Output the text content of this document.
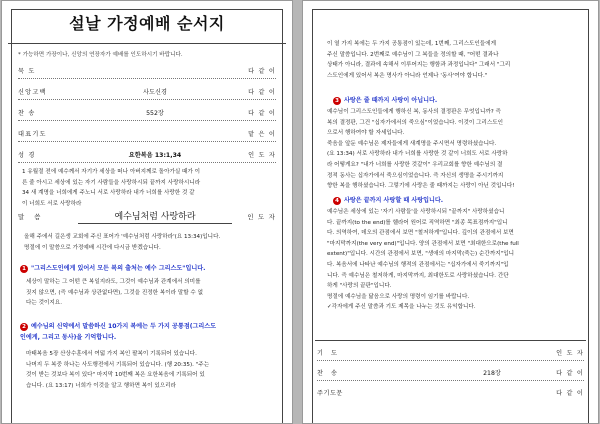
설날 가정예배 순서지
* 가능하면 가장이나, 신앙의 연장자가 예배를 인도하시기 바랍니다.
묵 도	다 같 이
신앙고백	사도신경	다 같 이
찬 송	552장	다 같 이
대표기도	맡 은 이
성 경	요한복음 13:1,34	인 도 자
1 유월절 전에 예수께서 자기가 세상을 떠나 아버지께로 돌아가실 때가 이
른 줄 아시고 세상에 있는 자기 사람들을 사랑하시되 끝까지 사랑하시니라
34 새 계명을 너희에게 주노니 서로 사랑하라 내가 너희를 사랑한 것 같
이 너희도 서로 사랑하라
말 씀	예수님처럼 사랑하라	인 도 자
올해 주에서 길은생 교회에 주신 표어가 '예수님처럼 사랑하라'(요 13:34)입니다.
명절에 이 말씀으로 가정예배 시간에 다시금 받겠습니다.
1 "그리스도인에게 있어서 모든 복의 출처는 예수 그리스도"입니다.
세상이 말하는 그 어떤 큰 복일지라도, 그것이 예수님과 관계에서 의미를
짓지 않으면, (즉 예수님과 상관없다면), 그것을 진정한 복이라 말할 수 없
다는 것이지요.
2 예수님의 신약에서 말씀하신 10가지 복에는 두 가지 공통점(그리스도
인에게, 그리고 동사)을 기억합니다.
마태복음 5장 산상수훈에서 여덟 가지 복인 팔복이 기록되어 있습니다.
나머지 두 복중 하나는 사도행전에서 기록되어 있습니다. (행 20:35). "주는
것이 받는 것보다 복이 있다" 마지막 10번째 복은 요한복음에 기록되어 있
습니다. (요 13:17) 너희가 이것을 알고 행하면 복이 있으리라
이 열 가지 복에는 두 가지 공통점이 있는데, 1번째, 그리스도인들에게
주신 말씀입니다. 2번째로 예수님이 그 복들을 정의할 때, "어떤 결과나
상태가 아니라, 결과에 속해서 이루어지는 행함과 과정입니다" 그래서 "그리
스도인에게 있어서 복은 명사가 아니라 언제나 '동사'여야 합니다."
3 사랑은 줄 때까지 사랑이 아닙니다.
예수님이 그리스도인들에게 행하신 복, 동사의 결정판은 무엇입니까? 즉
복의 결정판, 그건 "십자가에서의 죽으심"이었습니다. 이것이 그리스도인
으로서 행하여야 할 자세입니다.
죽음을 앞둔 예수님은 제자들에게 새계명을 주시면서 명령하셨습니다.
(요 13:34) 서로 사랑하라 내가 너희를 사랑한 것 같이 너희도 서로 사랑하
라 어떻게요? "내가 너희를 사랑한 것같이" 우리교회를 향한 예수님의 결
정적 동사는 십자가에서 죽으심이었습니다. 즉 자신의 생명을 주시기까지
향한 복을 행하셨습니다. 그렇기에 사랑은 줄 때까지는 사랑이 아닌 것입니다!
4 사랑은 끝까지 사랑할 때 사랑입니다.
예수님은 세상에 있는 '자기 사람들'을 사랑하시되 "끝까지" 사랑하셨습니
다. 끝까지(to the end)를 헬라어 원어로 직역하면 "최종 목표점까지"입니
다. 의역하여, 데오의 관점에서 보면 "철저하게"입니다. 깊이의 관점에서 보면
"마지막까지(the very end)"입니다. 양의 관점에서 보면 "최대한으로(the full
extent)"입니다. 시간의 관점에서 보면, "생애의 마지막(죽는) 순간까지"입니
다. 복음서에 나타난 예수님의 행적의 관점에서는 "십자가에서 죽기까지"입
니다. 즉 예수님은 철저하게, 마지막까지, 최대한도로 사랑하셨습니다. 간단
하게 "사랑의 끝판"입니다.
명절에 예수님을 닮음으로 사랑의 명령이 임기를 바랍니다.
✓각자에게 주신 말씀과 기도 제목을 나누는 것도 유익합니다.
기 도	인 도 자
찬 송	218장	다 같 이
주기도문	다 같 이
